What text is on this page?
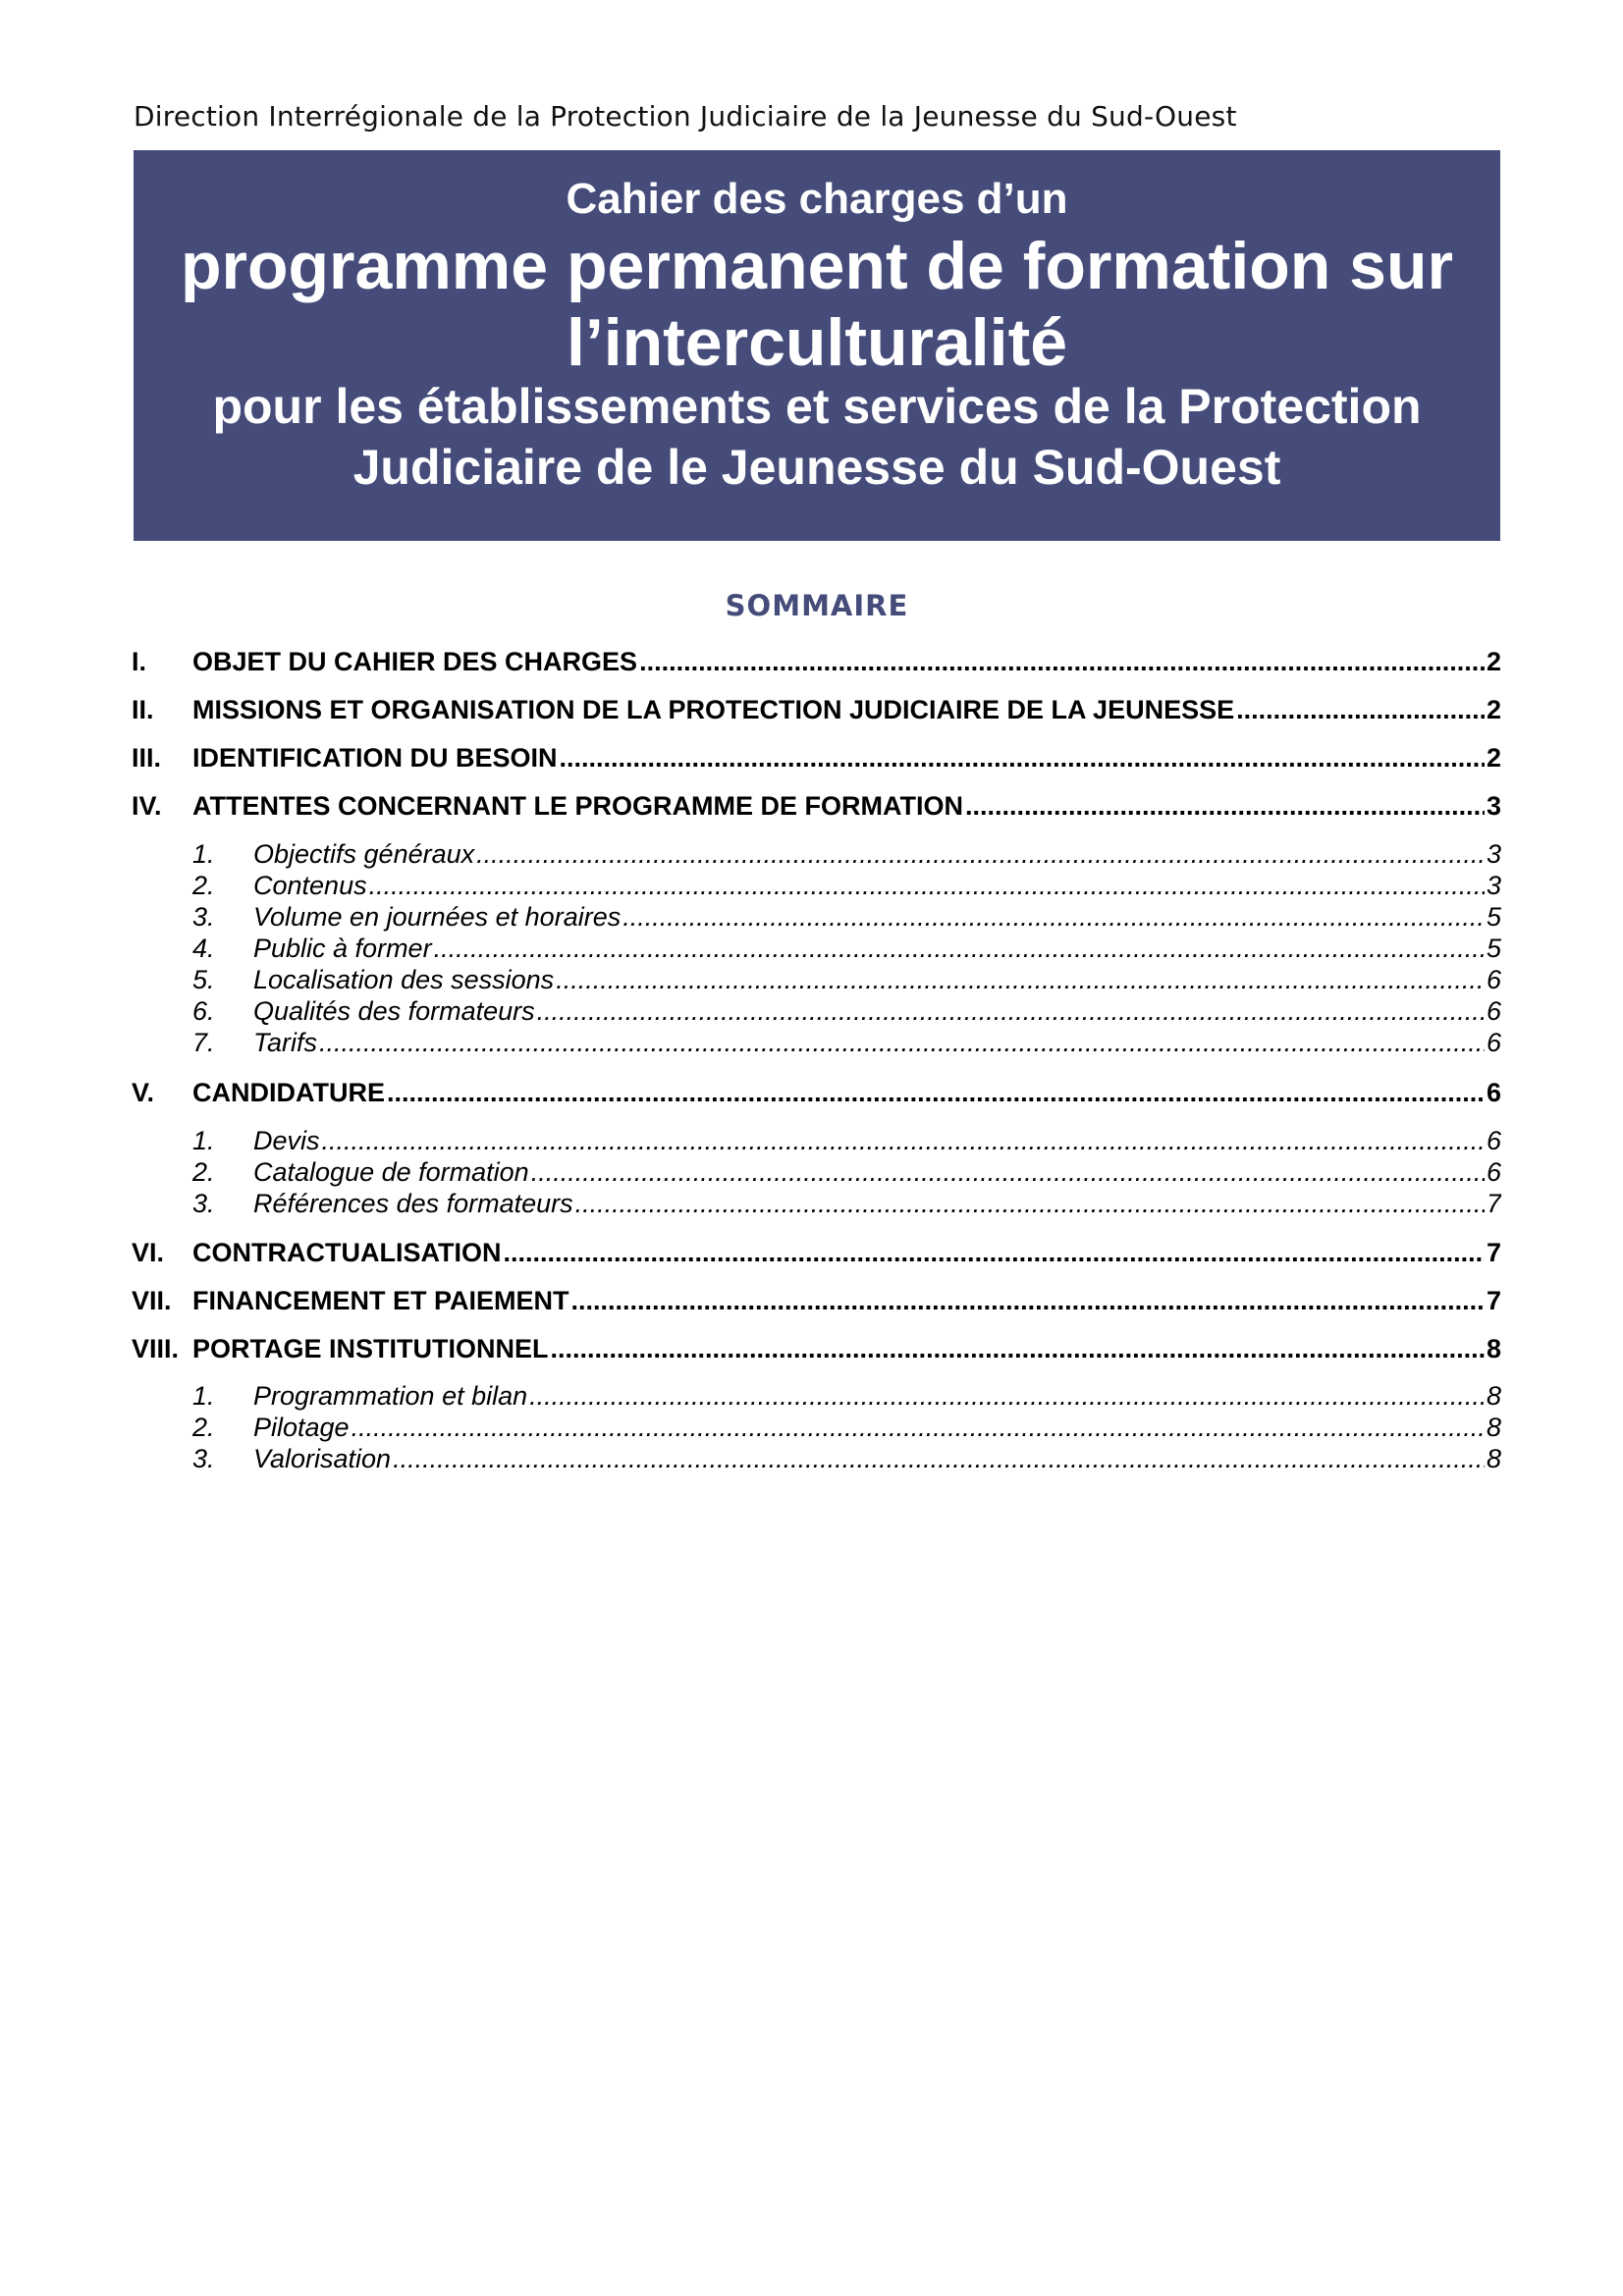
Direction Interrégionale de la Protection Judiciaire de la Jeunesse du Sud-Ouest
Cahier des charges d’un
programme permanent de formation sur
l’interculturalité
pour les établissements et services de la Protection
Judiciaire de le Jeunesse du Sud-Ouest
SOMMAIRE
I.	OBJET DU CAHIER DES CHARGES .....	2
II.	MISSIONS ET ORGANISATION DE LA PROTECTION JUDICIAIRE DE LA JEUNESSE .....	2
III.	IDENTIFICATION DU BESOIN .....	2
IV.	ATTENTES CONCERNANT LE PROGRAMME DE FORMATION .....	3
1.	Objectifs généraux .....	3
2.	Contenus .....	3
3.	Volume en journées et horaires .....	5
4.	Public à former .....	5
5.	Localisation des sessions .....	6
6.	Qualités des formateurs .....	6
7.	Tarifs .....	6
V.	CANDIDATURE .....	6
1.	Devis .....	6
2.	Catalogue de formation .....	6
3.	Références des formateurs .....	7
VI.	CONTRACTUALISATION .....	7
VII. FINANCEMENT ET PAIEMENT .....	7
VIII. PORTAGE INSTITUTIONNEL .....	8
1.	Programmation et bilan .....	8
2.	Pilotage .....	8
3.	Valorisation .....	8
